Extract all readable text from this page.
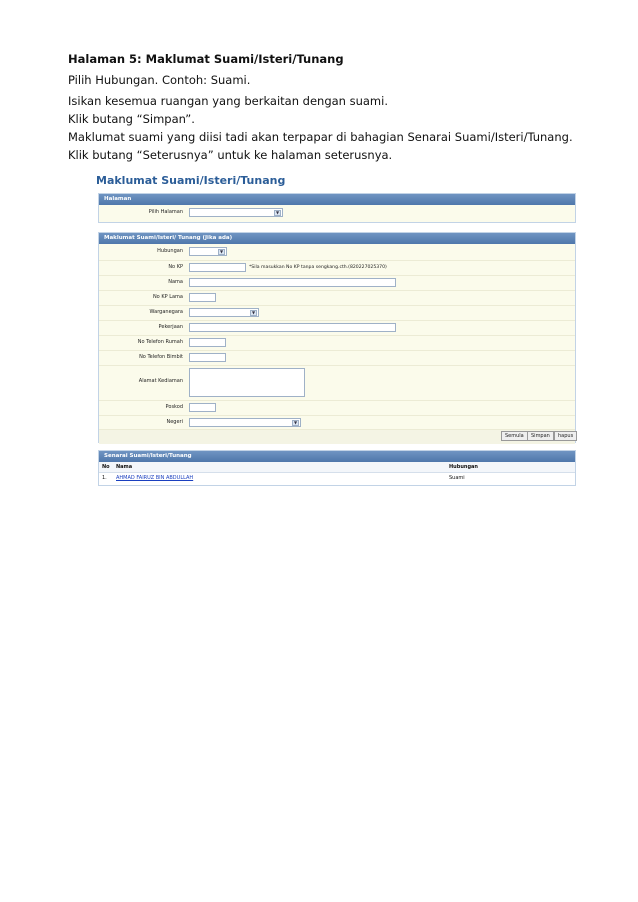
Halaman 5: Maklumat Suami/Isteri/Tunang
Pilih Hubungan. Contoh: Suami.
Isikan kesemua ruangan yang berkaitan dengan suami.
Klik butang “Simpan”.
Maklumat suami yang diisi tadi akan terpapar di bahagian Senarai Suami/Isteri/Tunang.
Klik butang “Seterusnya” untuk ke halaman seterusnya.
Maklumat Suami/Isteri/Tunang
Halaman
Pilih Halaman	▼
Maklumat Suami/Isteri/ Tunang (Jika ada)
Hubungan	▼
No KP	*Sila masukkan No KP tanpa sengkang.cth.(820227025370)
Nama
No KP Lama
Warganegara	▼
Pekerjaan
No Telefon Rumah
No Telefon Bimbit
Alamat Kediaman
Poskod
Negeri	▼
Semula	Simpan	hapus
Senarai Suami/Isteri/Tunang
No Nama	Hubungan
1. AHMAD FAIRUZ BIN ABDULLAH	Suami
